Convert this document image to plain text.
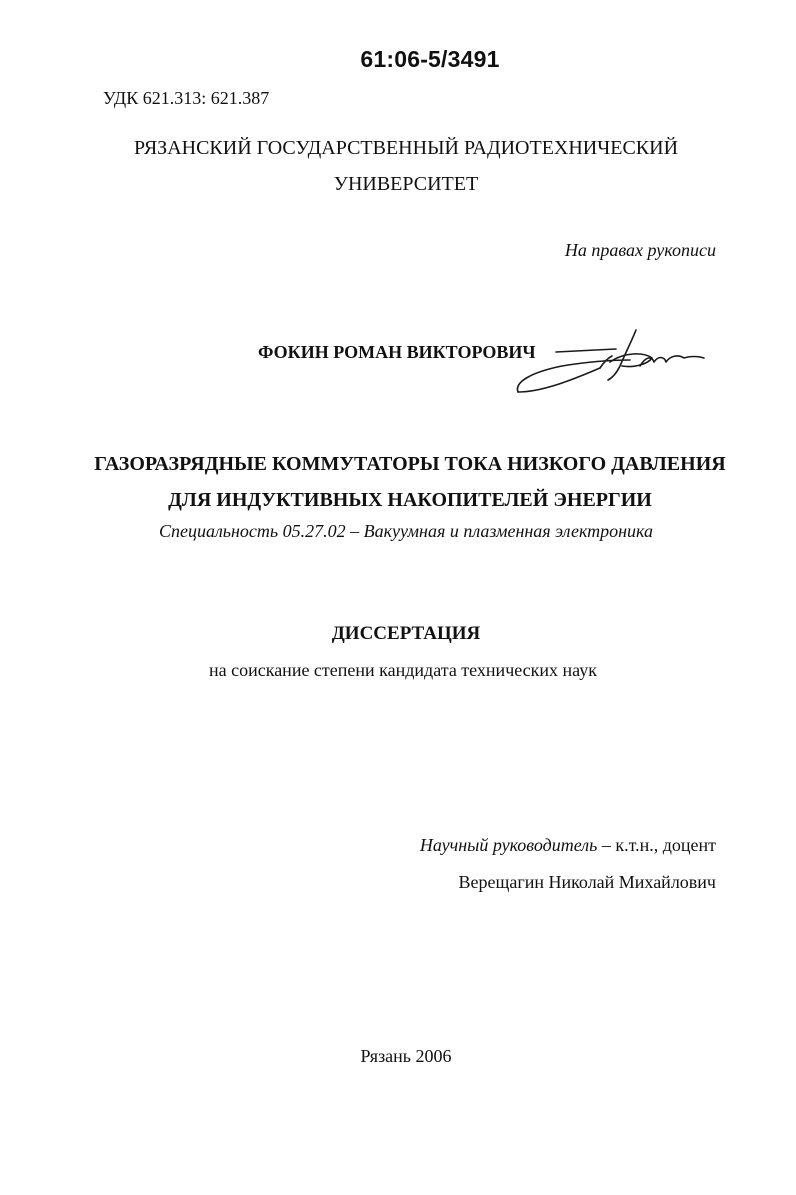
61:06-5/3491
УДК 621.313: 621.387
РЯЗАНСКИЙ ГОСУДАРСТВЕННЫЙ РАДИОТЕХНИЧЕСКИЙ
УНИВЕРСИТЕТ
На правах рукописи
ФОКИН РОМАН ВИКТОРОВИЧ
ГАЗОРАЗРЯДНЫЕ КОММУТАТОРЫ ТОКА НИЗКОГО ДАВЛЕНИЯ
ДЛЯ ИНДУКТИВНЫХ НАКОПИТЕЛЕЙ ЭНЕРГИИ
Специальность 05.27.02 – Вакуумная и плазменная электроника
ДИССЕРТАЦИЯ
на соискание степени кандидата технических наук
Научный руководитель – к.т.н., доцент
Верещагин Николай Михайлович
Рязань 2006
